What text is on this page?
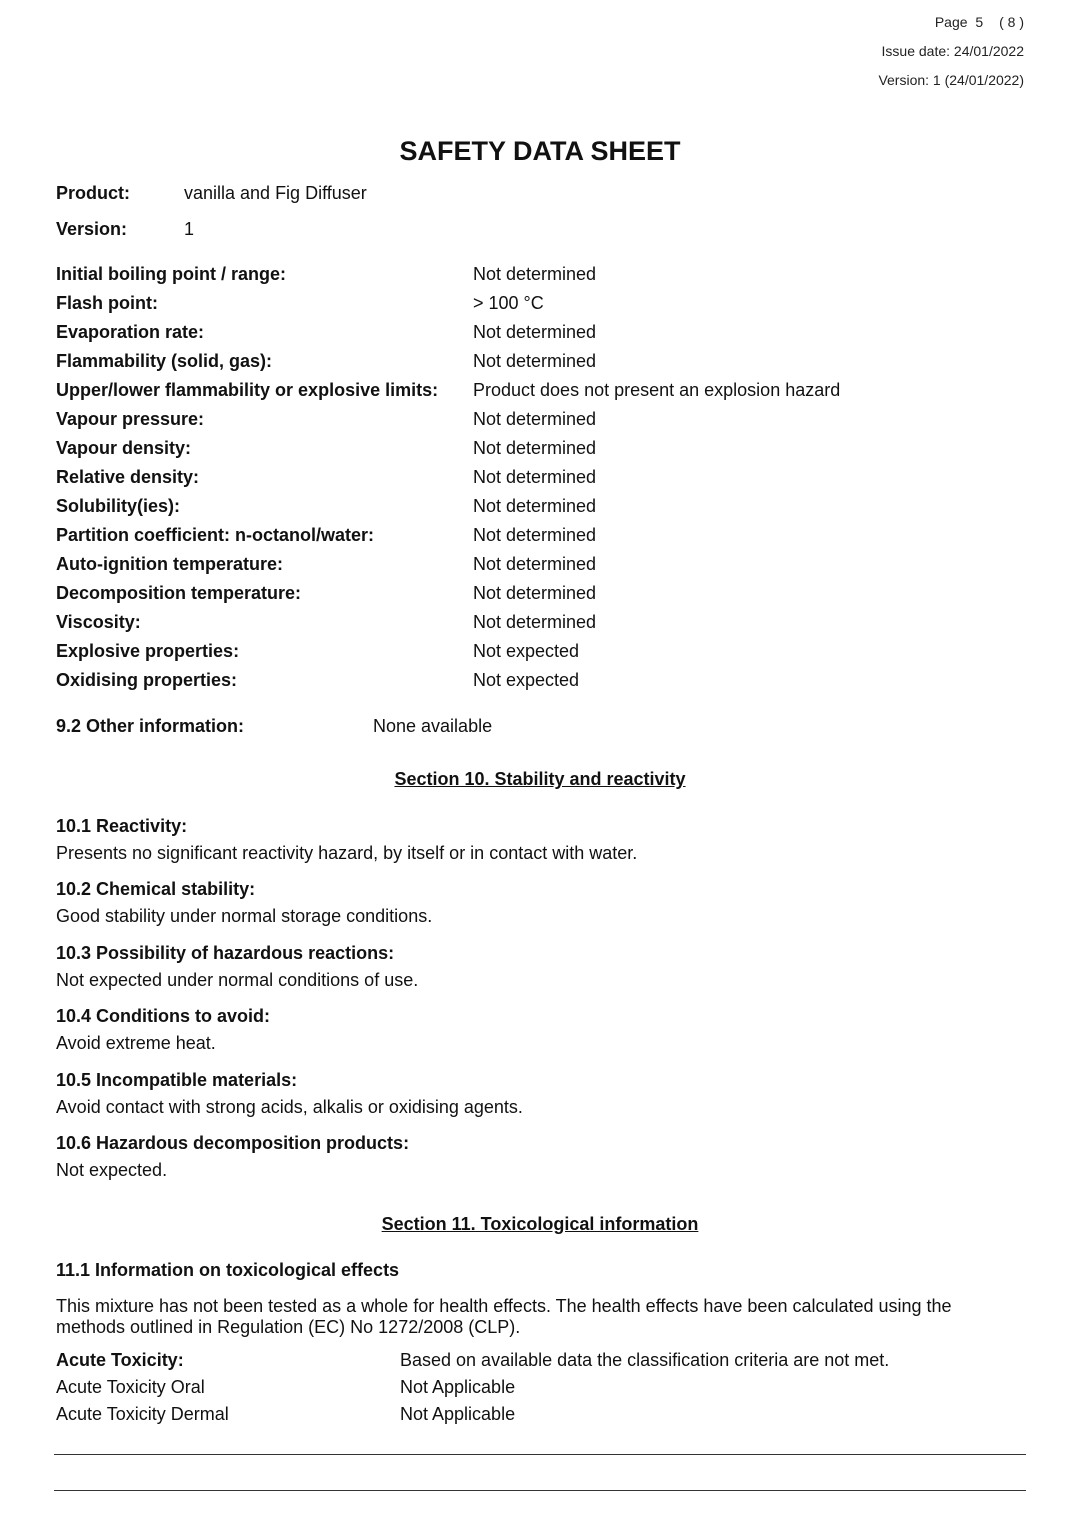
Page 5 ( 8 )
Issue date: 24/01/2022
Version: 1 (24/01/2022)
SAFETY DATA SHEET
Product:	vanilla and Fig Diffuser
Version:	1
Initial boiling point / range:	Not determined
Flash point:	> 100 °C
Evaporation rate:	Not determined
Flammability (solid, gas):	Not determined
Upper/lower flammability or explosive limits: Product does not present an explosion hazard
Vapour pressure:	Not determined
Vapour density:	Not determined
Relative density:	Not determined
Solubility(ies):	Not determined
Partition coefficient: n-octanol/water:	Not determined
Auto-ignition temperature:	Not determined
Decomposition temperature:	Not determined
Viscosity:	Not determined
Explosive properties:	Not expected
Oxidising properties:	Not expected
9.2 Other information:	None available
Section 10. Stability and reactivity
10.1 Reactivity:
Presents no significant reactivity hazard, by itself or in contact with water.
10.2 Chemical stability:
Good stability under normal storage conditions.
10.3 Possibility of hazardous reactions:
Not expected under normal conditions of use.
10.4 Conditions to avoid:
Avoid extreme heat.
10.5 Incompatible materials:
Avoid contact with strong acids, alkalis or oxidising agents.
10.6 Hazardous decomposition products:
Not expected.
Section 11. Toxicological information
11.1 Information on toxicological effects
This mixture has not been tested as a whole for health effects. The health effects have been calculated using the methods outlined in Regulation (EC) No 1272/2008 (CLP).
Acute Toxicity:	Based on available data the classification criteria are not met.
Acute Toxicity Oral	Not Applicable
Acute Toxicity Dermal	Not Applicable
